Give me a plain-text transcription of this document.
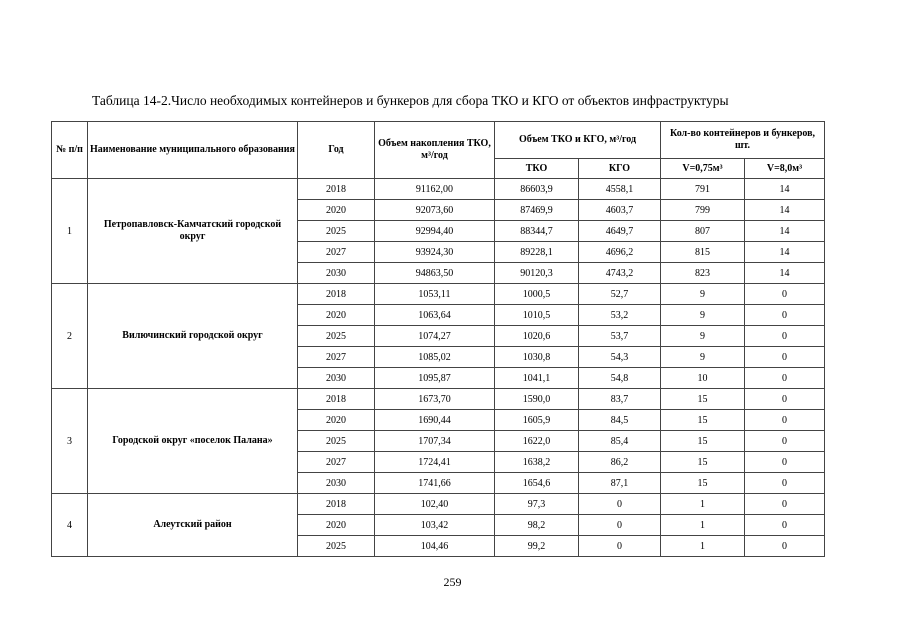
Таблица 14-2.Число необходимых контейнеров и бункеров для сбора ТКО и КГО от объектов инфраструктуры
№ п/п	Наименование муниципального образования	Год	Объем накопления ТКО, м³/год	Объем ТКО и КГО, м³/год		Кол-во контейнеров и бункеров, шт.	
				ТКО	КГО	V=0,75м³	V=8,0м³
1	Петропавловск-Камчатский городской округ	2018	91162,00	86603,9	4558,1	791	14
		2020	92073,60	87469,9	4603,7	799	14
		2025	92994,40	88344,7	4649,7	807	14
		2027	93924,30	89228,1	4696,2	815	14
		2030	94863,50	90120,3	4743,2	823	14
2	Вилючинский городской округ	2018	1053,11	1000,5	52,7	9	0
		2020	1063,64	1010,5	53,2	9	0
		2025	1074,27	1020,6	53,7	9	0
		2027	1085,02	1030,8	54,3	9	0
		2030	1095,87	1041,1	54,8	10	0
3	Городской округ «поселок Палана»	2018	1673,70	1590,0	83,7	15	0
		2020	1690,44	1605,9	84,5	15	0
		2025	1707,34	1622,0	85,4	15	0
		2027	1724,41	1638,2	86,2	15	0
		2030	1741,66	1654,6	87,1	15	0
4	Алеутский район	2018	102,40	97,3	0	1	0
		2020	103,42	98,2	0	1	0
		2025	104,46	99,2	0	1	0
259
